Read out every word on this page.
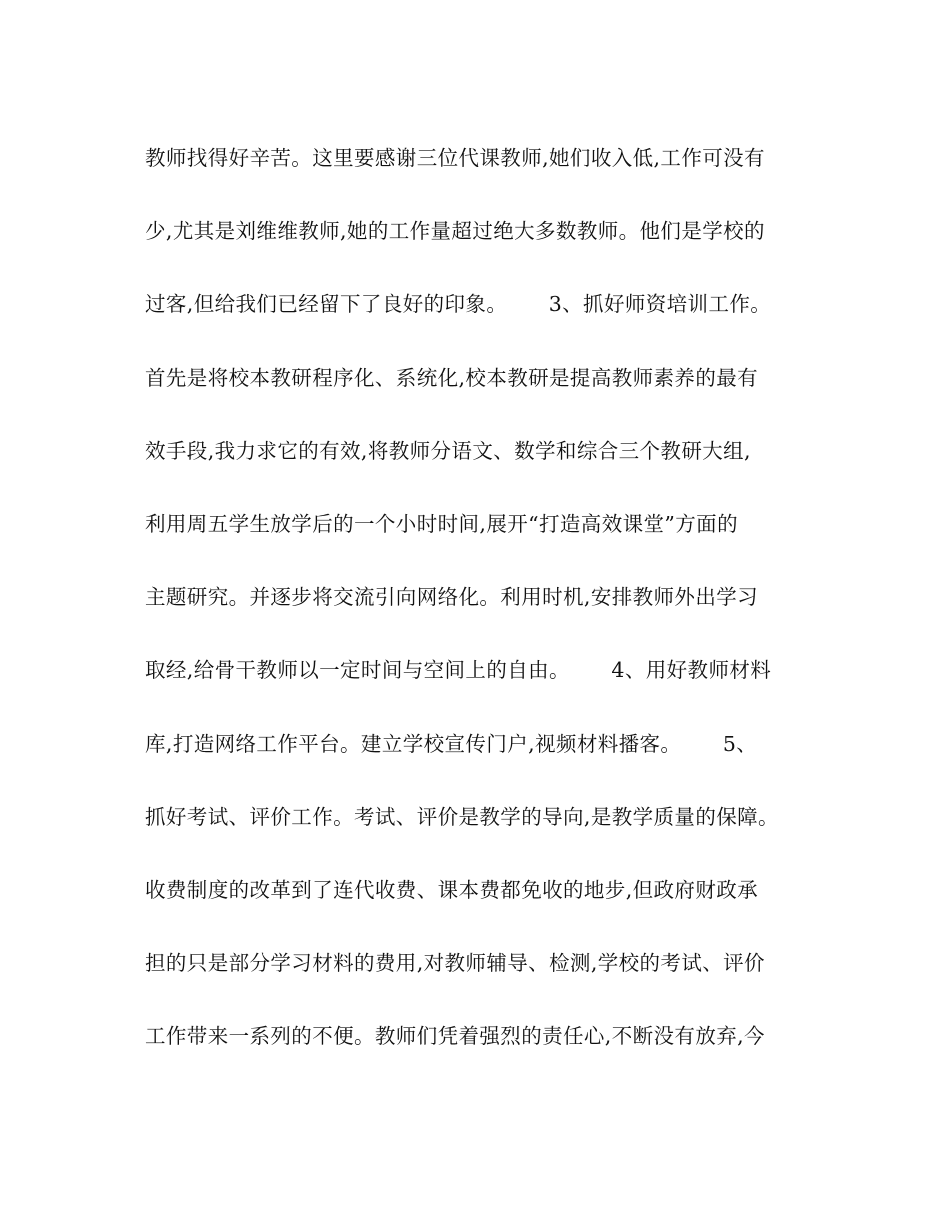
教师找得好辛苦。这里要感谢三位代课教师,她们收入低,工作可没有
少,尤其是刘维维教师,她的工作量超过绝大多数教师。他们是学校的
过客,但给我们已经留下了良好的印象。      3、抓好师资培训工作。
首先是将校本教研程序化、系统化,校本教研是提高教师素养的最有
效手段,我力求它的有效,将教师分语文、数学和综合三个教研大组,
利用周五学生放学后的一个小时时间,展开“打造高效课堂”方面的
主题研究。并逐步将交流引向网络化。利用时机,安排教师外出学习
取经,给骨干教师以一定时间与空间上的自由。      4、用好教师材料
库,打造网络工作平台。建立学校宣传门户,视频材料播客。      5、
抓好考试、评价工作。考试、评价是教学的导向,是教学质量的保障。
收费制度的改革到了连代收费、课本费都免收的地步,但政府财政承
担的只是部分学习材料的费用,对教师辅导、检测,学校的考试、评价
工作带来一系列的不便。教师们凭着强烈的责任心,不断没有放弃,今
